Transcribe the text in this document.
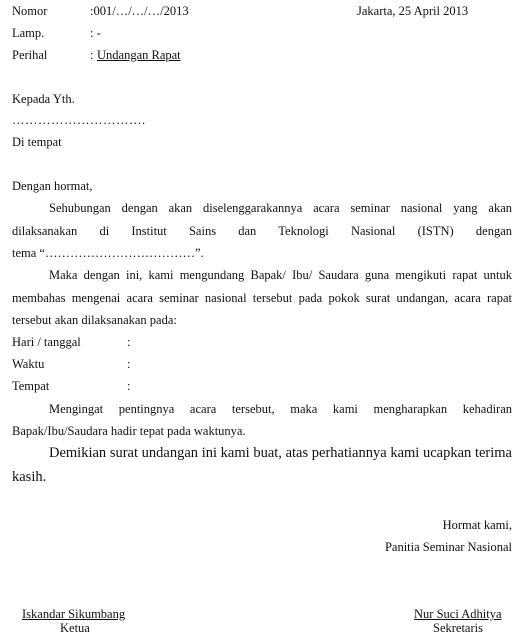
Nomor	:001/…/…/…/2013	Jakarta, 25 April 2013
Lamp.	: -
Perihal	: Undangan Rapat
Kepada Yth.
………………………….
Di tempat
Dengan hormat,
Sehubungan dengan akan diselenggarakannya acara seminar nasional yang akan
dilaksanakan di Institut Sains dan Teknologi Nasional (ISTN) dengan
tema “………………………………”.
Maka dengan ini, kami mengundang Bapak/ Ibu/ Saudara guna mengikuti rapat untuk
membahas mengenai acara seminar nasional tersebut pada pokok surat undangan, acara rapat
tersebut akan dilaksanakan pada:
Hari / tanggal	:
Waktu	:
Tempat	:
Mengingat pentingnya acara tersebut, maka kami mengharapkan kehadiran
Bapak/Ibu/Saudara hadir tepat pada waktunya.
Demikian surat undangan ini kami buat, atas perhatiannya kami ucapkan terima
kasih.
Hormat kami,
Panitia Seminar Nasional
Iskandar Sikumbang
Ketua
Nur Suci Adhitya
Sekretaris
